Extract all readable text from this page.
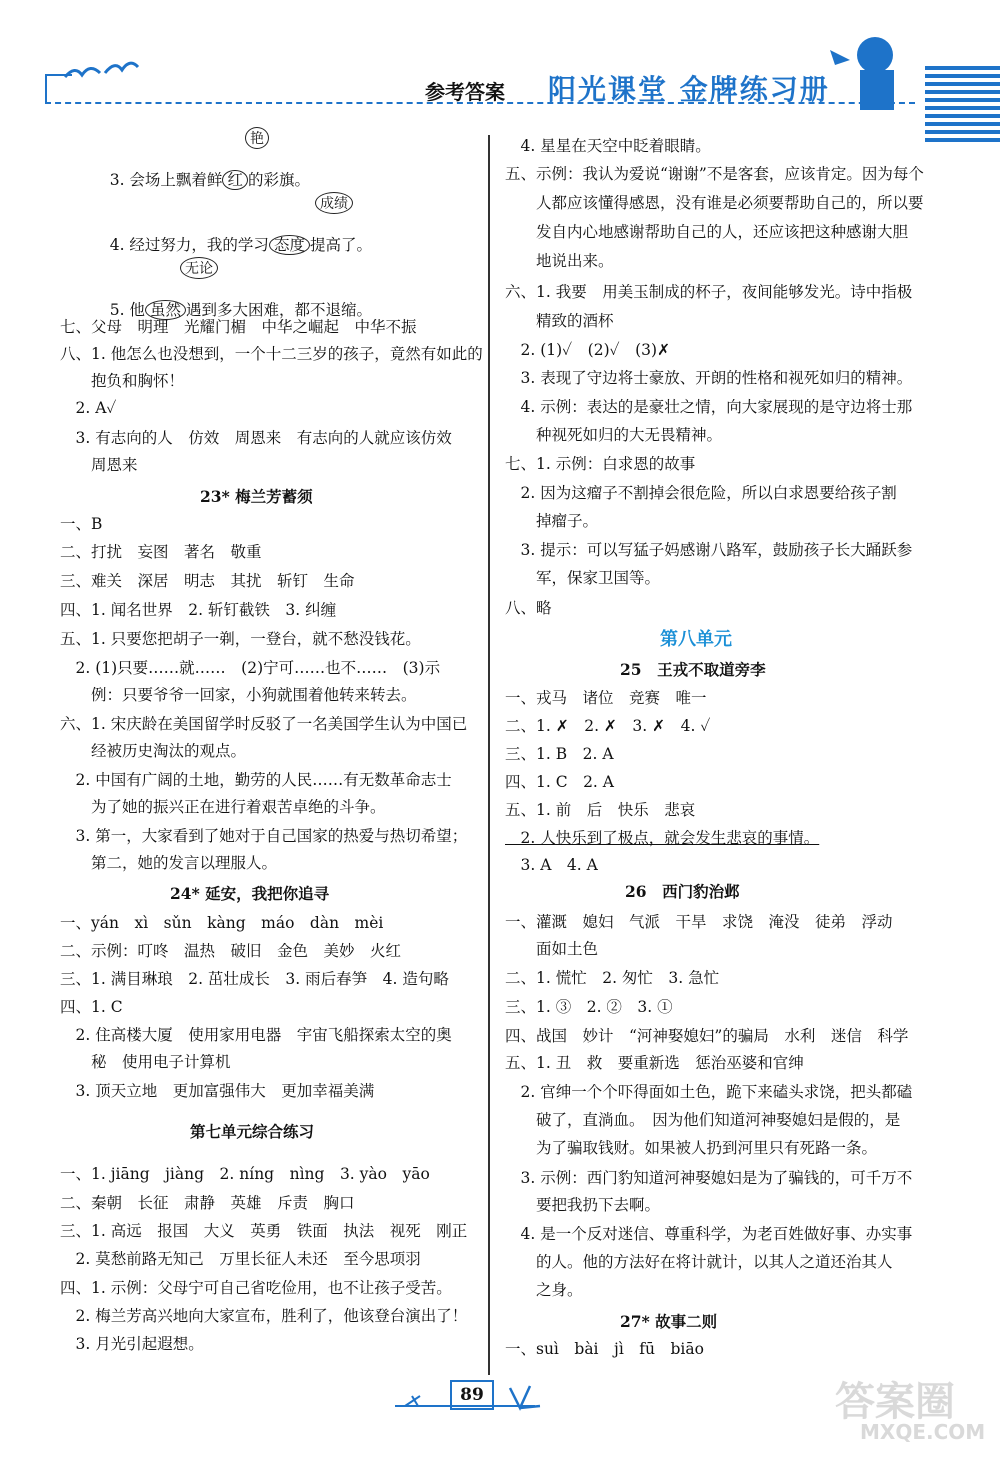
参考答案 阳光课堂 金牌练习册

3. 会场上飘着鲜 红 的彩旗。

艳

4. 经过努力，我的学习 态度 提高了。

成绩

5. 他 虽然 遇到多大困难，都不退缩。

无论
七、父母　明理　光耀门楣　中华之崛起　中华不振
八、1. 他怎么也没想到，一个十二三岁的孩子，竟然有如此的
　　抱负和胸怀！
　2. A✓
　3. 有志向的人　仿效　周恩来　有志向的人就应该仿效
　　周恩来
23* 梅兰芳蓄须
一、B
二、打扰　妄图　著名　敬重
三、难关　深居　明志　其扰　斩钉　生命
四、1. 闻名世界　2. 斩钉截铁　3. 纠缠
五、1. 只要您把胡子一剃，一登台，就不愁没钱花。
　2. (1)只要……就……　(2)宁可……也不……　(3)示
　　例：只要爷爷一回家，小狗就围着他转来转去。
六、1. 宋庆龄在美国留学时反驳了一名美国学生认为中国已
　　经被历史淘汰的观点。
　2. 中国有广阔的土地，勤劳的人民……有无数革命志士
　　为了她的振兴正在进行着艰苦卓绝的斗争。
　3. 第一，大家看到了她对于自己国家的热爱与热切希望；
　　第二，她的发言以理服人。
24* 延安，我把你追寻
一、yán　xì　sǔn　kàng　máo　dàn　mèi
二、示例：叮咚　温热　破旧　金色　美妙　火红
三、1. 满目琳琅　2. 茁壮成长　3. 雨后春笋　4. 造句略
四、1. C
　2. 住高楼大厦　使用家用电器　宇宙飞船探索太空的奥
　　秘　使用电子计算机
　3. 顶天立地　更加富强伟大　更加幸福美满
第七单元综合练习
一、1. jiāng　jiàng　2. níng　nìng　3. yào　yāo
二、秦朝　长征　肃静　英雄　斥责　胸口
三、1. 高远　报国　大义　英勇　铁面　执法　视死　刚正
　2. 莫愁前路无知己　万里长征人未还　至今思项羽
四、1. 示例：父母宁可自己省吃俭用，也不让孩子受苦。
　2. 梅兰芳高兴地向大家宣布，胜利了，他该登台演出了！
　3. 月光引起遐想。
　4. 星星在天空中眨着眼睛。
五、示例：我认为爱说“谢谢”不是客套，应该肯定。因为每个
　　人都应该懂得感恩，没有谁是必须要帮助自己的，所以要
　　发自内心地感谢帮助自己的人，还应该把这种感谢大胆
　　地说出来。
六、1. 我要　用美玉制成的杯子，夜间能够发光。诗中指极
　　精致的酒杯
　2. (1)✓　(2)✓　(3)✗
　3. 表现了守边将士豪放、开朗的性格和视死如归的精神。
　4. 示例：表达的是豪壮之情，向大家展现的是守边将士那
　　种视死如归的大无畏精神。
七、1. 示例：白求恩的故事
　2. 因为这瘤子不割掉会很危险，所以白求恩要给孩子割
　　掉瘤子。
　3. 提示：可以写猛子妈感谢八路军，鼓励孩子长大踊跃参
　　军，保家卫国等。
八、略
第八单元
25　王戎不取道旁李
一、戎马　诸位　竞赛　唯一
二、1. ✗　2. ✗　3. ✗　4. ✓
三、1. B　2. A
四、1. C　2. A
五、1. 前　后　快乐　悲哀
　2. 人快乐到了极点，就会发生悲哀的事情。
　3. A　4. A
26　西门豹治邺
一、灌溉　媳妇　气派　干旱　求饶　淹没　徒弟　浮动
　　面如土色
二、1. 慌忙　2. 匆忙　3. 急忙
三、1. ③　2. ②　3. ①
四、战国　妙计　“河神娶媳妇”的骗局　水利　迷信　科学
五、1. 丑　救　要重新选　惩治巫婆和官绅
　2. 官绅一个个吓得面如土色，跪下来磕头求饶，把头都磕
　　破了，直淌血。　因为他们知道河神娶媳妇是假的，是
　　为了骗取钱财。如果被人扔到河里只有死路一条。
　3. 示例：西门豹知道河神娶媳妇是为了骗钱的，可千万不
　　要把我扔下去啊。
　4. 是一个反对迷信、尊重科学，为老百姓做好事、办实事
　　的人。他的方法好在将计就计，以其人之道还治其人
　　之身。
27* 故事二则
一、suì　bài　jì　fū　biāo
89	答案圈
MXQE.COM
